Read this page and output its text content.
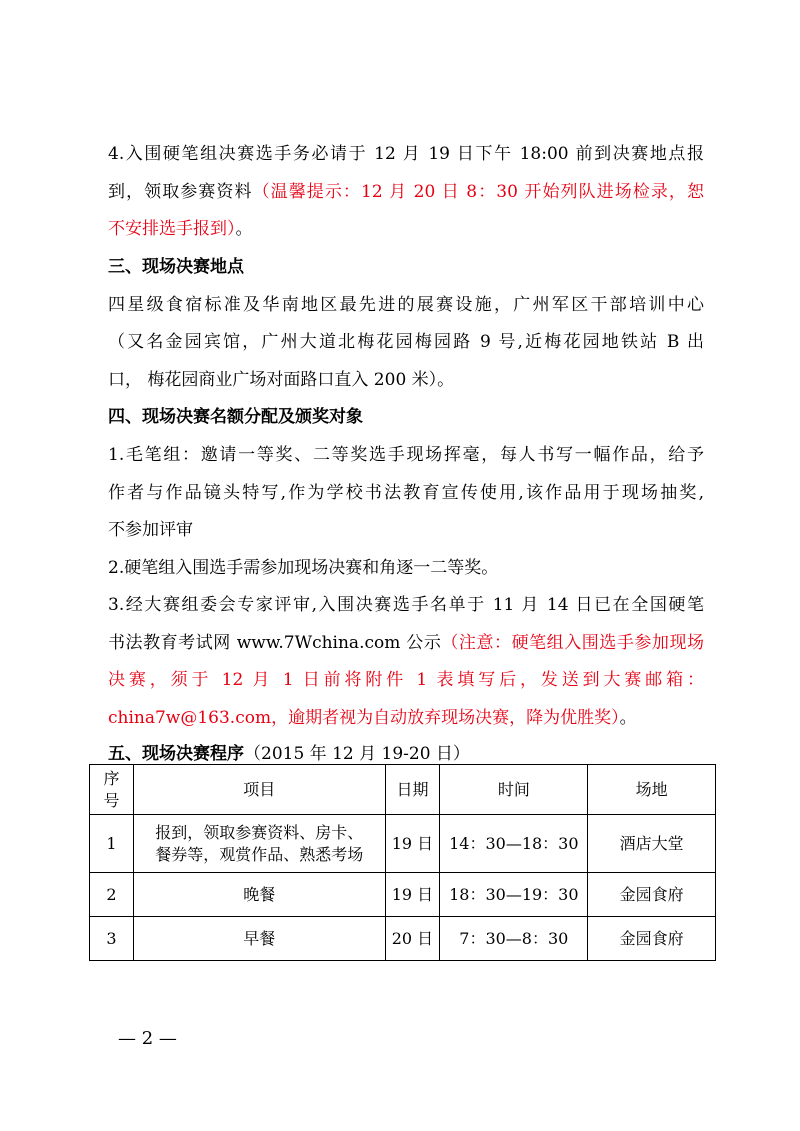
4.入围硬笔组决赛选手务必请于 12 月 19 日下午 18:00 前到决赛地点报
到，领取参赛资料（温馨提示：12 月 20 日 8：30 开始列队进场检录，恕
不安排选手报到）。
三、现场决赛地点
四星级食宿标准及华南地区最先进的展赛设施，广州军区干部培训中心
（又名金园宾馆，广州大道北梅花园梅园路 9 号,近梅花园地铁站 B 出
口， 梅花园商业广场对面路口直入 200 米）。
四、现场决赛名额分配及颁奖对象
1.毛笔组：邀请一等奖、二等奖选手现场挥毫，每人书写一幅作品，给予
作者与作品镜头特写,作为学校书法教育宣传使用,该作品用于现场抽奖,
不参加评审
2.硬笔组入围选手需参加现场决赛和角逐一二等奖。
3.经大赛组委会专家评审,入围决赛选手名单于 11 月 14 日已在全国硬笔
书法教育考试网 www.7Wchina.com 公示（注意：硬笔组入围选手参加现场
决赛，须于 12 月 1 日前将附件 1 表填写后，发送到大赛邮箱：
china7w@163.com，逾期者视为自动放弃现场决赛，降为优胜奖）。
五、现场决赛程序（2015 年 12 月 19-20 日）
序
号	项目	日期	时间	场地
1	报到，领取参赛资料、房卡、
餐券等，观赏作品、熟悉考场	19 日	14：30—18：30	酒店大堂
2	晚餐	19 日	18：30—19：30	金园食府
3	早餐	20 日	7：30—8：30	金园食府
— 2 —
